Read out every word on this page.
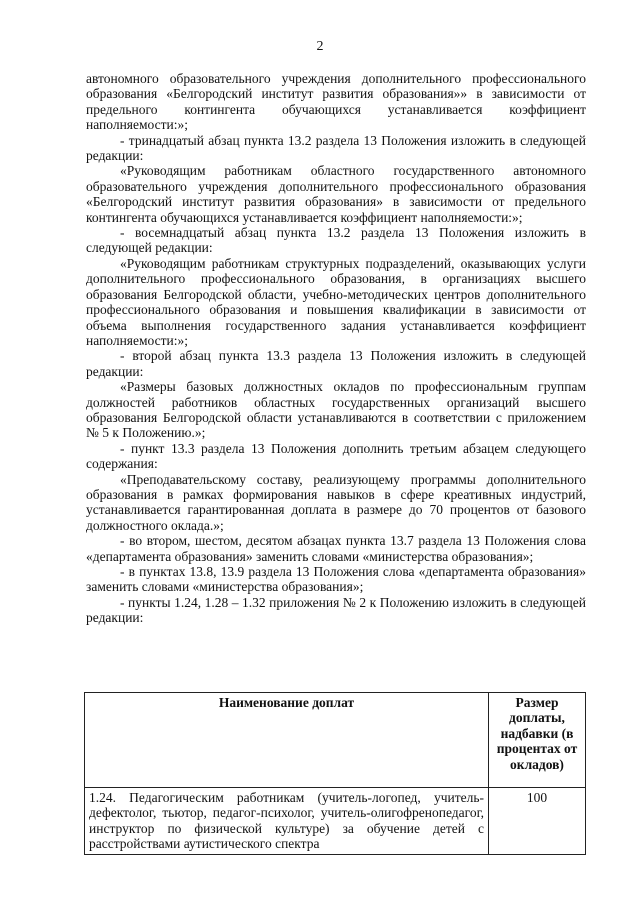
2

автономного образовательного учреждения дополнительного профессионального образования «Белгородский институт развития образования»» в зависимости от предельного контингента обучающихся устанавливается коэффициент наполняемости:»;

- тринадцатый абзац пункта 13.2 раздела 13 Положения изложить в следующей редакции:

«Руководящим работникам областного государственного автономного образовательного учреждения дополнительного профессионального образования «Белгородский институт развития образования» в зависимости от предельного контингента обучающихся устанавливается коэффициент наполняемости:»;

- восемнадцатый абзац пункта 13.2 раздела 13 Положения изложить в следующей редакции:

«Руководящим работникам структурных подразделений, оказывающих услуги дополнительного профессионального образования, в организациях высшего образования Белгородской области, учебно-методических центров дополнительного профессионального образования и повышения квалификации в зависимости от объема выполнения государственного задания устанавливается коэффициент наполняемости:»;

- второй абзац пункта 13.3 раздела 13 Положения изложить в следующей редакции:

«Размеры базовых должностных окладов по профессиональным группам должностей работников областных государственных организаций высшего образования Белгородской области устанавливаются в соответствии с приложением № 5 к Положению.»;

- пункт 13.3 раздела 13 Положения дополнить третьим абзацем следующего содержания:

«Преподавательскому составу, реализующему программы дополнительного образования в рамках формирования навыков в сфере креативных индустрий, устанавливается гарантированная доплата в размере до 70 процентов от базового должностного оклада.»;

- во втором, шестом, десятом абзацах пункта 13.7 раздела 13 Положения слова «департамента образования» заменить словами «министерства образования»;

- в пунктах 13.8, 13.9 раздела 13 Положения слова «департамента образования» заменить словами «министерства образования»;

- пункты 1.24, 1.28 – 1.32 приложения № 2 к Положению изложить в следующей редакции:

Наименование доплат	Размер доплаты, надбавки (в процентах от окладов)
1.24. Педагогическим работникам (учитель-логопед, учитель-дефектолог, тьютор, педагог-психолог, учитель-олигофренопедагог, инструктор по физической культуре) за обучение детей с расстройствами аутистического спектра	100
